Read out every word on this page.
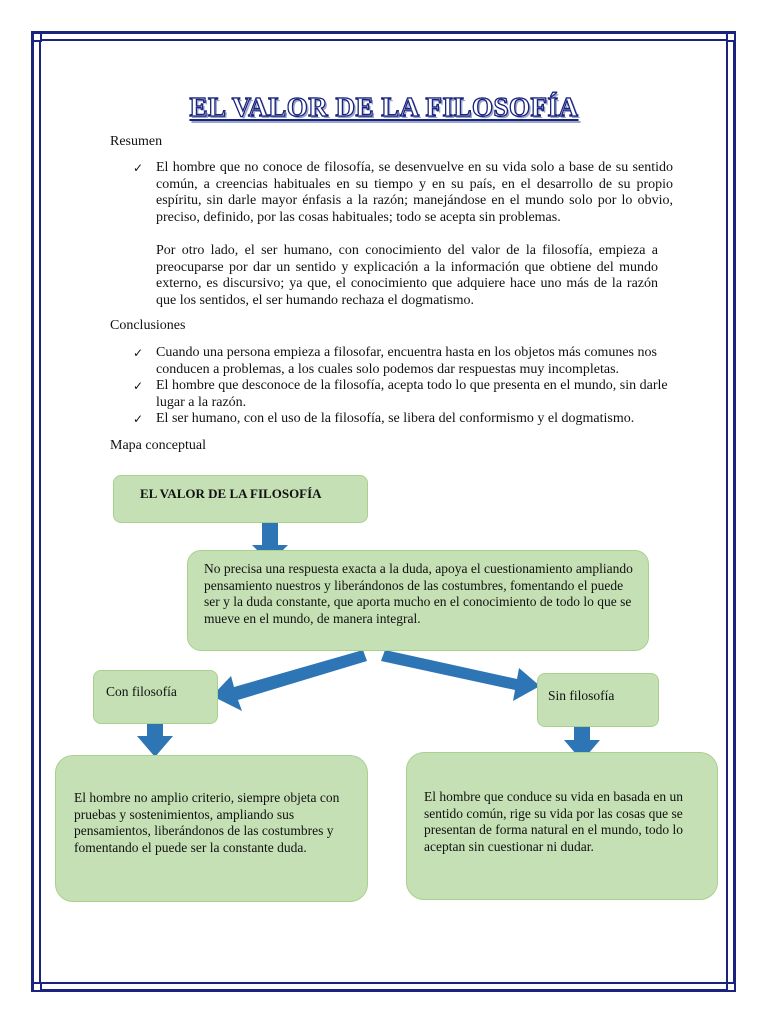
EL VALOR DE LA FILOSOFÍA
Resumen
✓ El hombre que no conoce de filosofía, se desenvuelve en su vida solo a base de su sentido común, a creencias habituales en su tiempo y en su país, en el desarrollo de su propio espíritu, sin darle mayor énfasis a la razón; manejándose en el mundo solo por lo obvio, preciso, definido, por las cosas habituales; todo se acepta sin problemas.

Por otro lado, el ser humano, con conocimiento del valor de la filosofía, empieza a preocuparse por dar un sentido y explicación a la información que obtiene del mundo externo, es discursivo; ya que, el conocimiento que adquiere hace uno más de la razón que los sentidos, el ser humando rechaza el dogmatismo.

Conclusiones
✓ Cuando una persona empieza a filosofar, encuentra hasta en los objetos más comunes nos conducen a problemas, a los cuales solo podemos dar respuestas muy incompletas.
✓ El hombre que desconoce de la filosofía, acepta todo lo que presenta en el mundo, sin darle lugar a la razón.
✓ El ser humano, con el uso de la filosofía, se libera del conformismo y el dogmatismo.
Mapa conceptual
EL VALOR DE LA FILOSOFÍA
No precisa una respuesta exacta a la duda, apoya el cuestionamiento ampliando pensamiento nuestros y liberándonos de las costumbres, fomentando el puede ser y la duda constante, que aporta mucho en el conocimiento de todo lo que se mueve en el mundo, de manera integral.
Con filosofía	Sin filosofía
El hombre no amplio criterio, siempre objeta con pruebas y sostenimientos, ampliando sus pensamientos, liberándonos de las costumbres y fomentando el puede ser la constante duda.
El hombre que conduce su vida en basada en un sentido común, rige su vida por las cosas que se presentan de forma natural en el mundo, todo lo aceptan sin cuestionar ni dudar.
